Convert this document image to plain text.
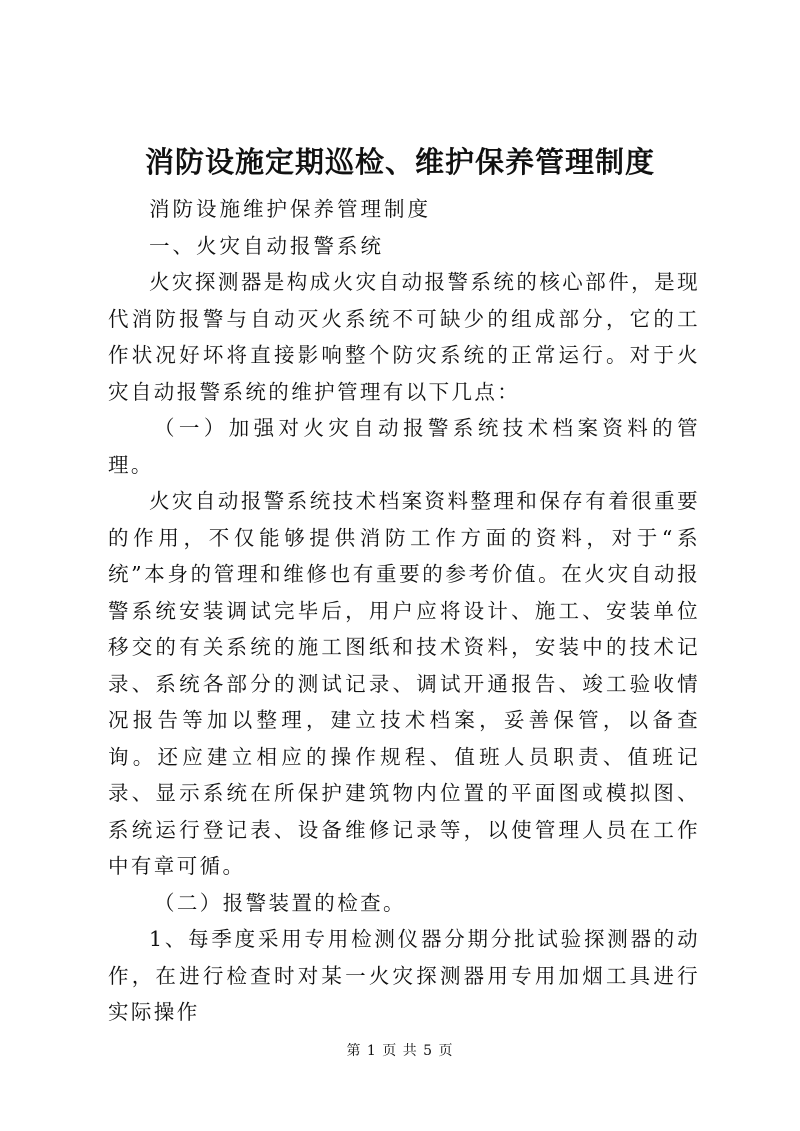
消防设施定期巡检、维护保养管理制度

消防设施维护保养管理制度

一、火灾自动报警系统

火灾探测器是构成火灾自动报警系统的核心部件，是现代消防报警与自动灭火系统不可缺少的组成部分，它的工作状况好坏将直接影响整个防灾系统的正常运行。对于火灾自动报警系统的维护管理有以下几点：

（一）加强对火灾自动报警系统技术档案资料的管理。

火灾自动报警系统技术档案资料整理和保存有着很重要的作用，不仅能够提供消防工作方面的资料，对于“系统”本身的管理和维修也有重要的参考价值。在火灾自动报警系统安装调试完毕后，用户应将设计、施工、安装单位移交的有关系统的施工图纸和技术资料，安装中的技术记录、系统各部分的测试记录、调试开通报告、竣工验收情况报告等加以整理，建立技术档案，妥善保管，以备查询。还应建立相应的操作规程、值班人员职责、值班记录、显示系统在所保护建筑物内位置的平面图或模拟图、系统运行登记表、设备维修记录等，以使管理人员在工作中有章可循。

（二）报警装置的检查。

1、每季度采用专用检测仪器分期分批试验探测器的动作，在进行检查时对某一火灾探测器用专用加烟工具进行实际操作

第 1 页 共 5 页
